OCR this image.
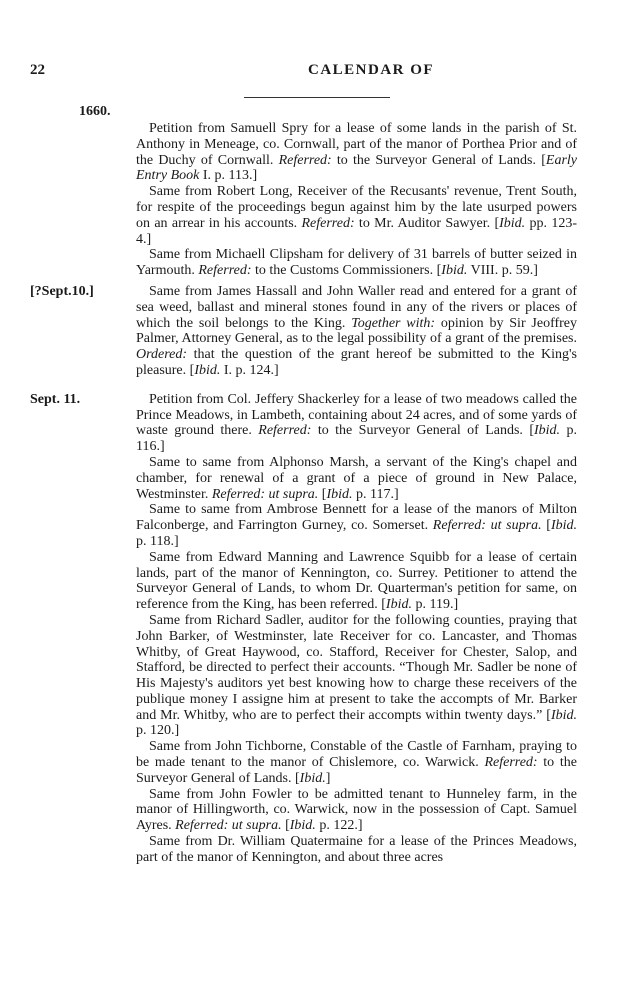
22	CALENDAR OF
1660.

Petition from Samuell Spry for a lease of some lands in the parish of St. Anthony in Meneage, co. Cornwall, part of the manor of Porthea Prior and of the Duchy of Cornwall. Referred: to the Surveyor General of Lands. [Early Entry Book I. p. 113.]

Same from Robert Long, Receiver of the Recusants' revenue, Trent South, for respite of the proceedings begun against him by the late usurped powers on an arrear in his accounts. Referred: to Mr. Auditor Sawyer. [Ibid. pp. 123-4.]

Same from Michaell Clipsham for delivery of 31 barrels of butter seized in Yarmouth. Referred: to the Customs Commissioners. [Ibid. VIII. p. 59.]

[?Sept.10.]	Same from James Hassall and John Waller read and entered for a grant of sea weed, ballast and mineral stones found in any of the rivers or places of which the soil belongs to the King. Together with: opinion by Sir Jeoffrey Palmer, Attorney General, as to the legal possibility of a grant of the premises. Ordered: that the question of the grant hereof be submitted to the King's pleasure. [Ibid. I. p. 124.]

Sept. 11.	Petition from Col. Jeffery Shackerley for a lease of two meadows called the Prince Meadows, in Lambeth, containing about 24 acres, and of some yards of waste ground there. Referred: to the Surveyor General of Lands. [Ibid. p. 116.]

Same to same from Alphonso Marsh, a servant of the King's chapel and chamber, for renewal of a grant of a piece of ground in New Palace, Westminster. Referred: ut supra. [Ibid. p. 117.]

Same to same from Ambrose Bennett for a lease of the manors of Milton Falconberge, and Farrington Gurney, co. Somerset. Referred: ut supra. [Ibid. p. 118.]

Same from Edward Manning and Lawrence Squibb for a lease of certain lands, part of the manor of Kennington, co. Surrey. Petitioner to attend the Surveyor General of Lands, to whom Dr. Quarterman's petition for same, on reference from the King, has been referred. [Ibid. p. 119.]

Same from Richard Sadler, auditor for the following counties, praying that John Barker, of Westminster, late Receiver for co. Lancaster, and Thomas Whitby, of Great Haywood, co. Stafford, Receiver for Chester, Salop, and Stafford, be directed to perfect their accounts. “Though Mr. Sadler be none of His Majesty's auditors yet best knowing how to charge these receivers of the publique money I assigne him at present to take the accompts of Mr. Barker and Mr. Whitby, who are to perfect their accompts within twenty days.” [Ibid. p. 120.]

Same from John Tichborne, Constable of the Castle of Farnham, praying to be made tenant to the manor of Chislemore, co. Warwick. Referred: to the Surveyor General of Lands. [Ibid.]

Same from John Fowler to be admitted tenant to Hunneley farm, in the manor of Hillingworth, co. Warwick, now in the possession of Capt. Samuel Ayres. Referred: ut supra. [Ibid. p. 122.]

Same from Dr. William Quatermaine for a lease of the Princes Meadows, part of the manor of Kennington, and about three acres
